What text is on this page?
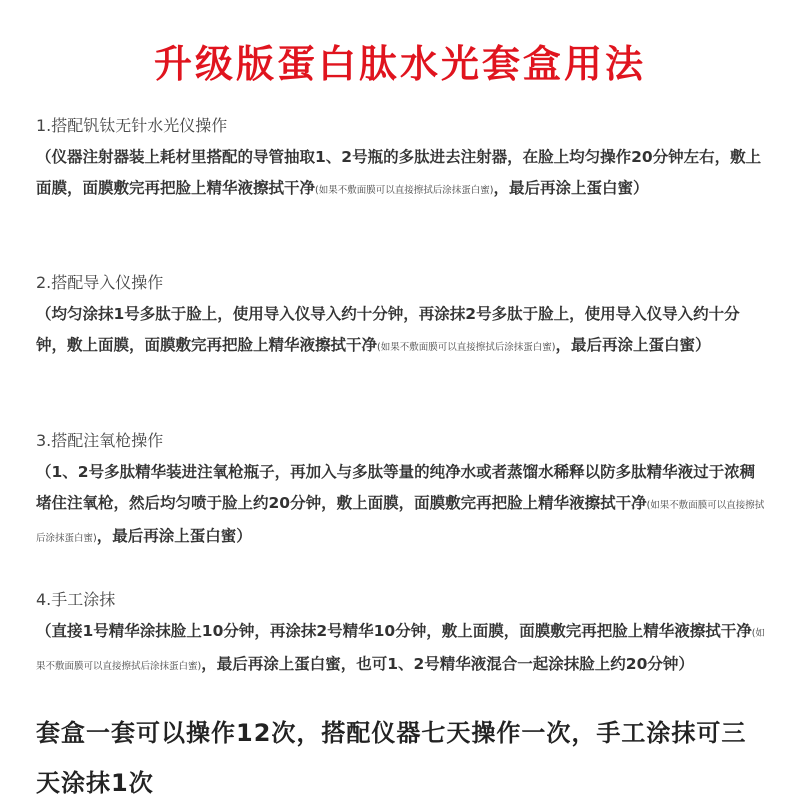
升级版蛋白肽水光套盒用法
1.搭配钒钛无针水光仪操作
（仪器注射器装上耗材里搭配的导管抽取1、2号瓶的多肽进去注射器，在脸上均匀操作20分钟左右，敷上面膜，面膜敷完再把脸上精华液擦拭干净(如果不敷面膜可以直接擦拭后涂抹蛋白蜜)，最后再涂上蛋白蜜）
2.搭配导入仪操作
（均匀涂抹1号多肽于脸上，使用导入仪导入约十分钟，再涂抹2号多肽于脸上，使用导入仪导入约十分钟，敷上面膜，面膜敷完再把脸上精华液擦拭干净(如果不敷面膜可以直接擦拭后涂抹蛋白蜜)，最后再涂上蛋白蜜）
3.搭配注氧枪操作
（1、2号多肽精华装进注氧枪瓶子，再加入与多肽等量的纯净水或者蒸馏水稀释以防多肽精华液过于浓稠堵住注氧枪，然后均匀喷于脸上约20分钟，敷上面膜，面膜敷完再把脸上精华液擦拭干净(如果不敷面膜可以直接擦拭后涂抹蛋白蜜)，最后再涂上蛋白蜜）
4.手工涂抹
（直接1号精华涂抹脸上10分钟，再涂抹2号精华10分钟，敷上面膜，面膜敷完再把脸上精华液擦拭干净(如果不敷面膜可以直接擦拭后涂抹蛋白蜜)，最后再涂上蛋白蜜，也可1、2号精华液混合一起涂抹脸上约20分钟）
套盒一套可以操作12次，搭配仪器七天操作一次，手工涂抹可三天涂抹1次
